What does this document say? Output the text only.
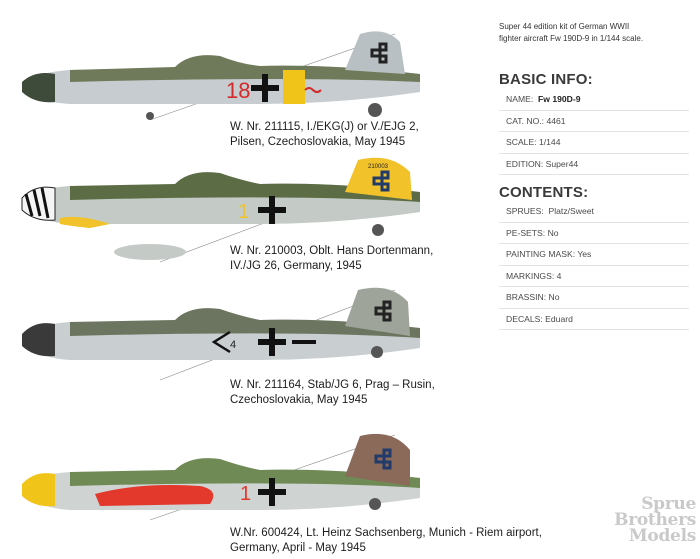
Super 44 edition kit of German WWII
fighter aircraft Fw 190D-9 in 1/144 scale.
BASIC INFO:
NAME: Fw 190D-9
CAT. NO.: 4461
SCALE: 1/144
EDITION: Super44
CONTENTS:
SPRUES: Platz/Sweet
PE-SETS: No
PAINTING MASK: Yes
MARKINGS: 4
BRASSIN: No
DECALS: Eduard
18
W. Nr. 211115, I./EKG(J) or V./EJG 2,
Pilsen, Czechoslovakia, May 1945
210003
1
W. Nr. 210003, Oblt. Hans Dortenmann,
IV./JG 26, Germany, 1945
4
W. Nr. 211164, Stab/JG 6, Prag – Rusin,
Czechoslovakia, May 1945
1
W.Nr. 600424, Lt. Heinz Sachsenberg, Munich - Riem airport,
Germany, April - May 1945
Sprue
Brothers
Models
